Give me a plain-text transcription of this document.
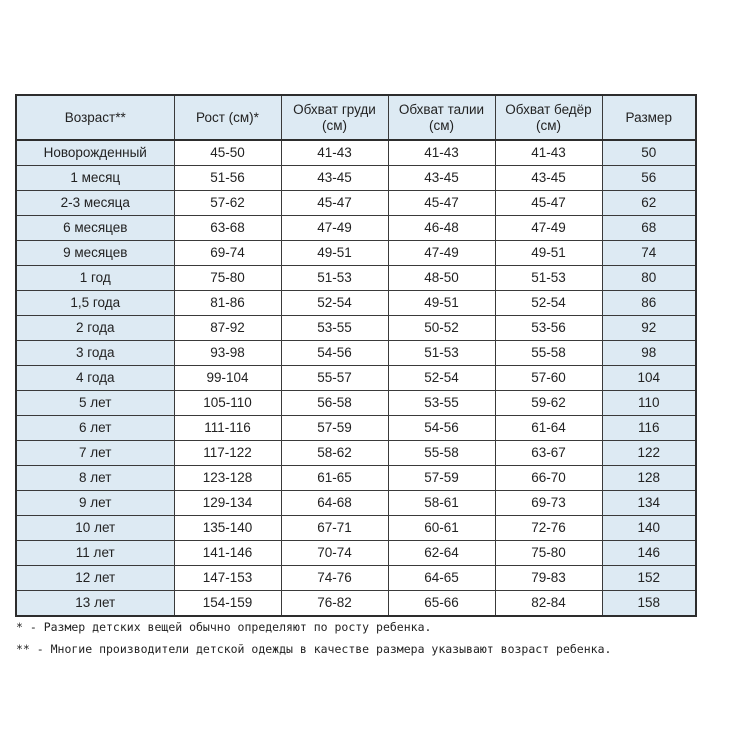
Возраст**	Рост (см)*	Обхват груди (см)	Обхват талии (см)	Обхват бедёр (см)	Размер
Новорожденный	45-50	41-43	41-43	41-43	50
1 месяц	51-56	43-45	43-45	43-45	56
2-3 месяца	57-62	45-47	45-47	45-47	62
6 месяцев	63-68	47-49	46-48	47-49	68
9 месяцев	69-74	49-51	47-49	49-51	74
1 год	75-80	51-53	48-50	51-53	80
1,5 года	81-86	52-54	49-51	52-54	86
2 года	87-92	53-55	50-52	53-56	92
3 года	93-98	54-56	51-53	55-58	98
4 года	99-104	55-57	52-54	57-60	104
5 лет	105-110	56-58	53-55	59-62	110
6 лет	111-116	57-59	54-56	61-64	116
7 лет	117-122	58-62	55-58	63-67	122
8 лет	123-128	61-65	57-59	66-70	128
9 лет	129-134	64-68	58-61	69-73	134
10 лет	135-140	67-71	60-61	72-76	140
11 лет	141-146	70-74	62-64	75-80	146
12 лет	147-153	74-76	64-65	79-83	152
13 лет	154-159	76-82	65-66	82-84	158
* - Размер детских вещей обычно определяют по росту ребенка.
** - Многие производители детской одежды в качестве размера указывают возраст ребенка.
